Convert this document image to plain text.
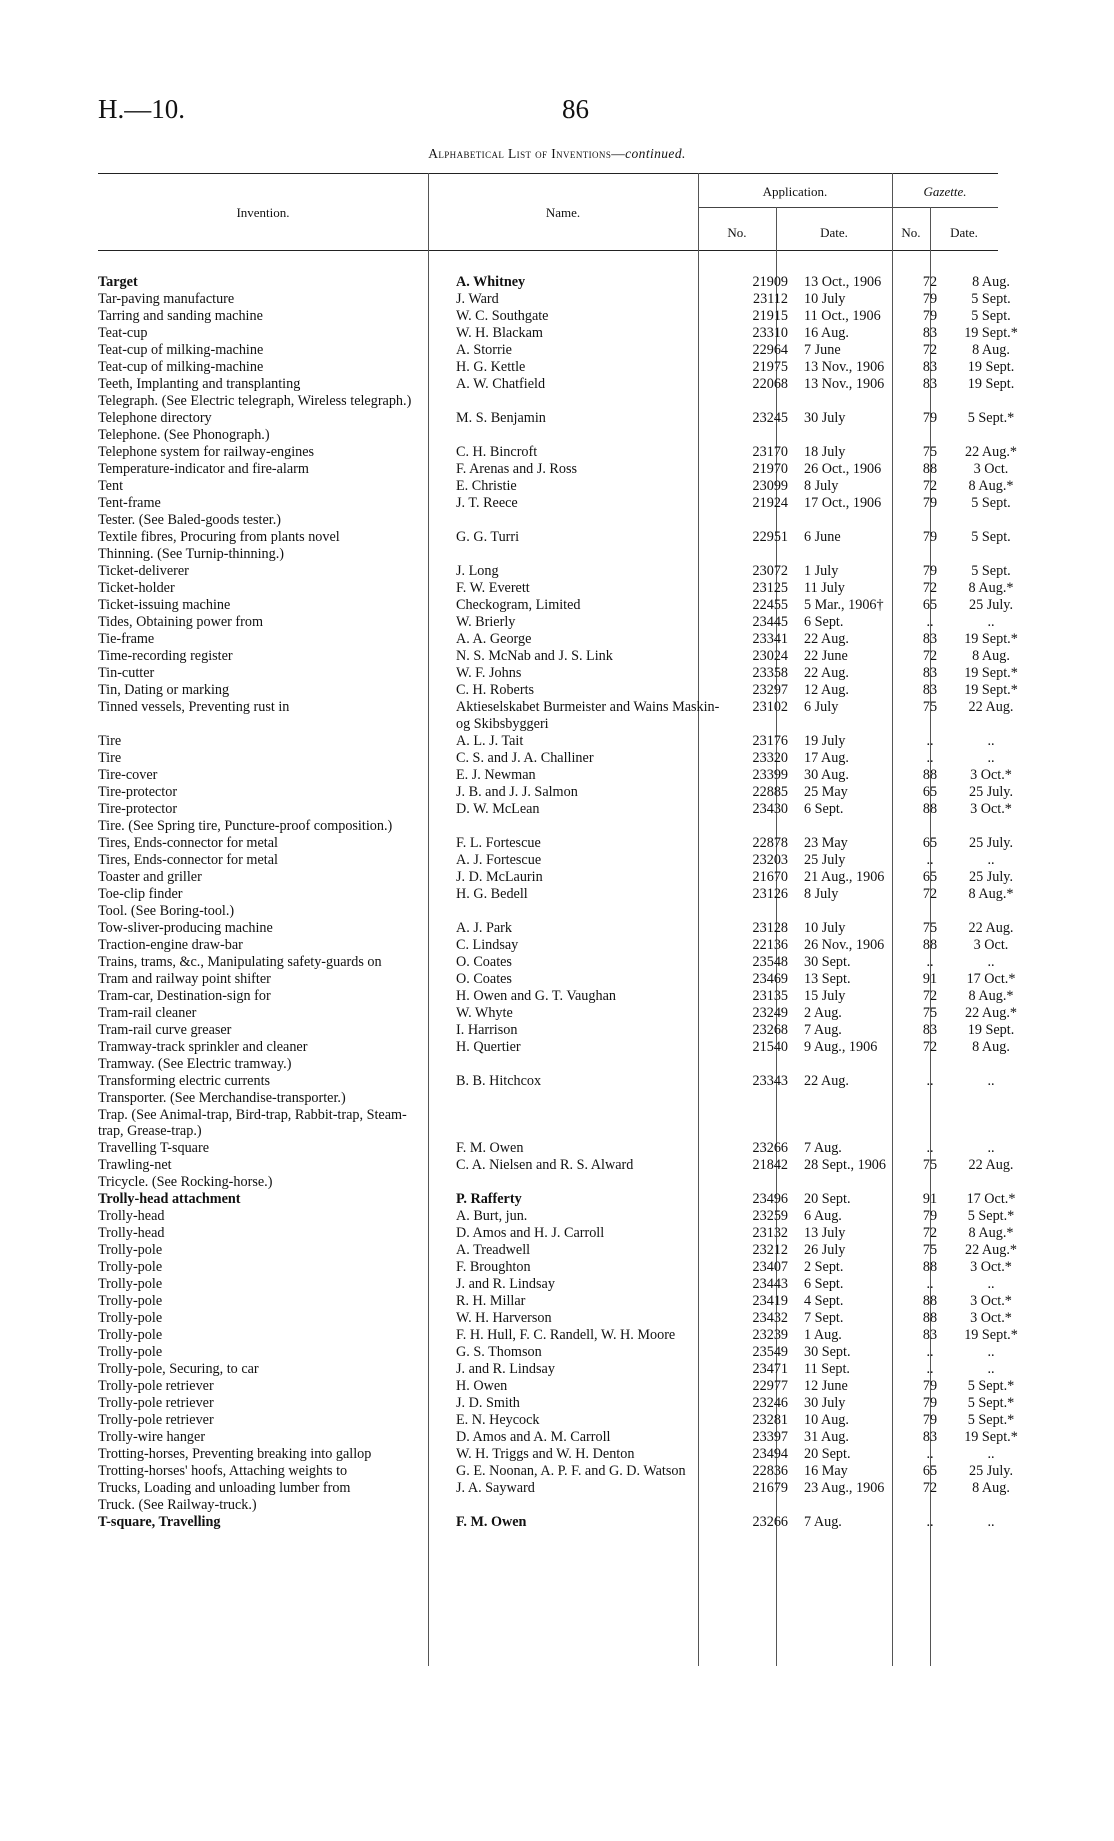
H.—10.	86
Alphabetical List of Inventions—continued.
Invention.	Name.
Application.
No.	Date.
Gazette.
No.	Date.
Target	A. Whitney	21909	13 Oct., 1906	72	8 Aug.
Tar-paving manufacture	J. Ward	23112	10 July	79	5 Sept.
Tarring and sanding machine	W. C. Southgate	21915	11 Oct., 1906	79	5 Sept.
Teat-cup	W. H. Blackam	23310	16 Aug.	83	19 Sept.*
Teat-cup of milking-machine	A. Storrie	22964	7 June	72	8 Aug.
Teat-cup of milking-machine	H. G. Kettle	21975	13 Nov., 1906	83	19 Sept.
Teeth, Implanting and transplanting	A. W. Chatfield	22068	13 Nov., 1906	83	19 Sept.
Telegraph. (See Electric telegraph, Wireless telegraph.)					
Telephone directory	M. S. Benjamin	23245	30 July	79	5 Sept.*
Telephone. (See Phonograph.)					
Telephone system for railway-engines	C. H. Bincroft	23170	18 July	75	22 Aug.*
Temperature-indicator and fire-alarm	F. Arenas and J. Ross	21970	26 Oct., 1906	88	3 Oct.
Tent	E. Christie	23099	8 July	72	8 Aug.*
Tent-frame	J. T. Reece	21924	17 Oct., 1906	79	5 Sept.
Tester. (See Baled-goods tester.)					
Textile fibres, Procuring from plants novel	G. G. Turri	22951	6 June	79	5 Sept.
Thinning. (See Turnip-thinning.)					
Ticket-deliverer	J. Long	23072	1 July	79	5 Sept.
Ticket-holder	F. W. Everett	23125	11 July	72	8 Aug.*
Ticket-issuing machine	Checkogram, Limited	22455	5 Mar., 1906†	65	25 July.
Tides, Obtaining power from	W. Brierly	23445	6 Sept.	..	..
Tie-frame	A. A. George	23341	22 Aug.	83	19 Sept.*
Time-recording register	N. S. McNab and J. S. Link	23024	22 June	72	8 Aug.
Tin-cutter	W. F. Johns	23358	22 Aug.	83	19 Sept.*
Tin, Dating or marking	C. H. Roberts	23297	12 Aug.	83	19 Sept.*
Tinned vessels, Preventing rust in	Aktieselskabet Burmeister and Wains Maskin-og Skibsbyggeri	23102	6 July	75	22 Aug.
Tire	A. L. J. Tait	23176	19 July	..	..
Tire	C. S. and J. A. Challiner	23320	17 Aug.	..	..
Tire-cover	E. J. Newman	23399	30 Aug.	88	3 Oct.*
Tire-protector	J. B. and J. J. Salmon	22885	25 May	65	25 July.
Tire-protector	D. W. McLean	23430	6 Sept.	88	3 Oct.*
Tire. (See Spring tire, Puncture-proof composition.)					
Tires, Ends-connector for metal	F. L. Fortescue	22878	23 May	65	25 July.
Tires, Ends-connector for metal	A. J. Fortescue	23203	25 July	..	..
Toaster and griller	J. D. McLaurin	21670	21 Aug., 1906	65	25 July.
Toe-clip finder	H. G. Bedell	23126	8 July	72	8 Aug.*
Tool. (See Boring-tool.)					
Tow-sliver-producing machine	A. J. Park	23128	10 July	75	22 Aug.
Traction-engine draw-bar	C. Lindsay	22136	26 Nov., 1906	88	3 Oct.
Trains, trams, &c., Manipulating safety-guards on	O. Coates	23548	30 Sept.	..	..
Tram and railway point shifter	O. Coates	23469	13 Sept.	91	17 Oct.*
Tram-car, Destination-sign for	H. Owen and G. T. Vaughan	23135	15 July	72	8 Aug.*
Tram-rail cleaner	W. Whyte	23249	2 Aug.	75	22 Aug.*
Tram-rail curve greaser	I. Harrison	23268	7 Aug.	83	19 Sept.
Tramway-track sprinkler and cleaner	H. Quertier	21540	9 Aug., 1906	72	8 Aug.
Tramway. (See Electric tramway.)					
Transforming electric currents	B. B. Hitchcox	23343	22 Aug.	..	..
Transporter. (See Merchandise-transporter.)					
Trap. (See Animal-trap, Bird-trap, Rabbit-trap, Steam-trap, Grease-trap.)					
Travelling T-square	F. M. Owen	23266	7 Aug.	..	..
Trawling-net	C. A. Nielsen and R. S. Alward	21842	28 Sept., 1906	75	22 Aug.
Tricycle. (See Rocking-horse.)					
Trolly-head attachment	P. Rafferty	23496	20 Sept.	91	17 Oct.*
Trolly-head	A. Burt, jun.	23259	6 Aug.	79	5 Sept.*
Trolly-head	D. Amos and H. J. Carroll	23132	13 July	72	8 Aug.*
Trolly-pole	A. Treadwell	23212	26 July	75	22 Aug.*
Trolly-pole	F. Broughton	23407	2 Sept.	88	3 Oct.*
Trolly-pole	J. and R. Lindsay	23443	6 Sept.	..	..
Trolly-pole	R. H. Millar	23419	4 Sept.	88	3 Oct.*
Trolly-pole	W. H. Harverson	23432	7 Sept.	88	3 Oct.*
Trolly-pole	F. H. Hull, F. C. Randell, W. H. Moore	23239	1 Aug.	83	19 Sept.*
Trolly-pole	G. S. Thomson	23549	30 Sept.	..	..
Trolly-pole, Securing, to car	J. and R. Lindsay	23471	11 Sept.	..	..
Trolly-pole retriever	H. Owen	22977	12 June	79	5 Sept.*
Trolly-pole retriever	J. D. Smith	23246	30 July	79	5 Sept.*
Trolly-pole retriever	E. N. Heycock	23281	10 Aug.	79	5 Sept.*
Trolly-wire hanger	D. Amos and A. M. Carroll	23397	31 Aug.	83	19 Sept.*
Trotting-horses, Preventing breaking into gallop	W. H. Triggs and W. H. Denton	23494	20 Sept.	..	..
Trotting-horses' hoofs, Attaching weights to	G. E. Noonan, A. P. F. and G. D. Watson	22836	16 May	65	25 July.
Trucks, Loading and unloading lumber from	J. A. Sayward	21679	23 Aug., 1906	72	8 Aug.
Truck. (See Railway-truck.)					
T-square, Travelling	F. M. Owen	23266	7 Aug.	..	..
